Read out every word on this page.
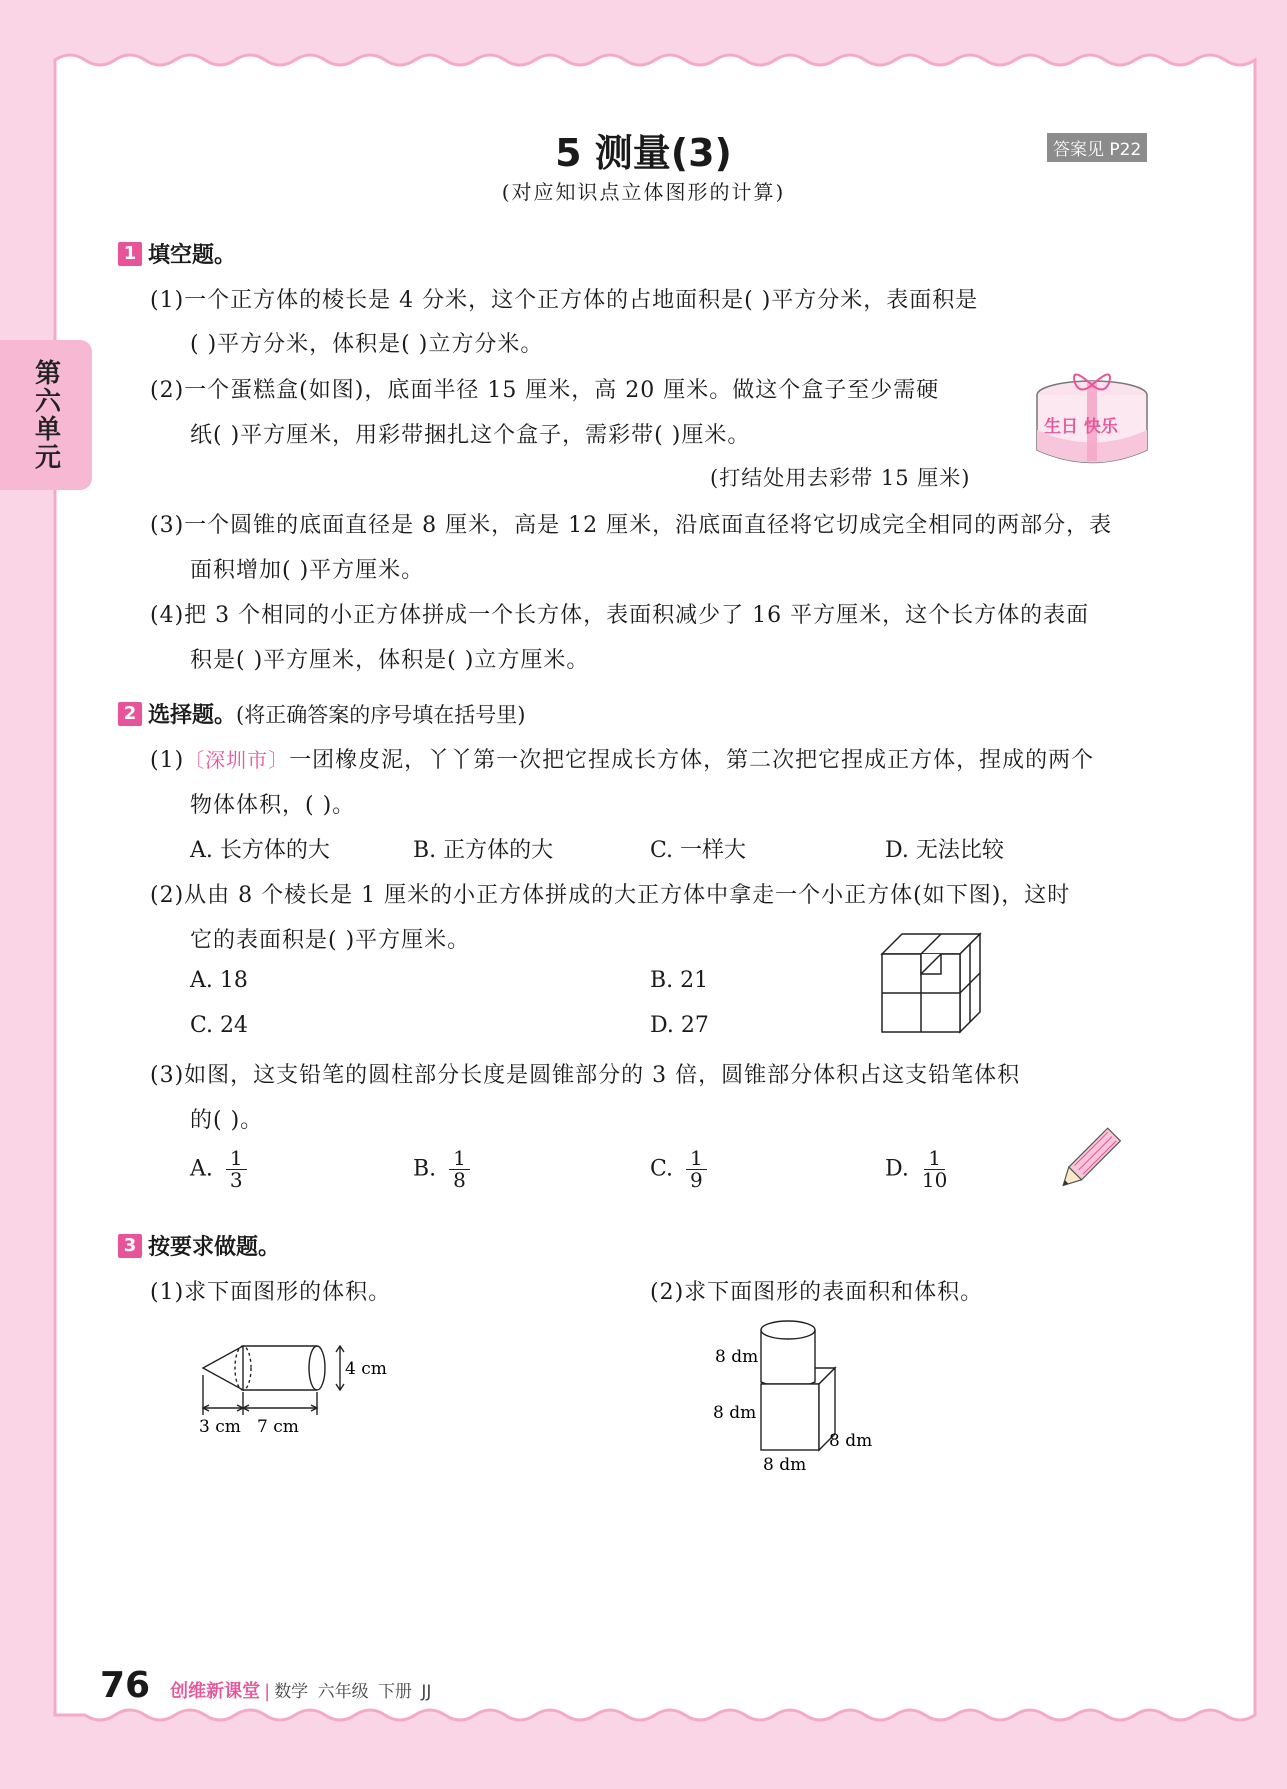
第六单元
5 测量(3)	答案见 P22
(对应知识点立体图形的计算)
1 填空题。
(1)一个正方体的棱长是 4 分米，这个正方体的占地面积是( )平方分米，表面积是
( )平方分米，体积是( )立方分米。
(2)一个蛋糕盒(如图)，底面半径 15 厘米，高 20 厘米。做这个盒子至少需硬
纸( )平方厘米，用彩带捆扎这个盒子，需彩带( )厘米。
(打结处用去彩带 15 厘米)
(3)一个圆锥的底面直径是 8 厘米，高是 12 厘米，沿底面直径将它切成完全相同的两部分，表
面积增加( )平方厘米。
(4)把 3 个相同的小正方体拼成一个长方体，表面积减少了 16 平方厘米，这个长方体的表面
积是( )平方厘米，体积是( )立方厘米。
生日 快乐
2 选择题。 (将正确答案的序号填在括号里)
(1)〔深圳市〕一团橡皮泥，丫丫第一次把它捏成长方体，第二次把它捏成正方体，捏成的两个
物体体积，( )。
A. 长方体的大	B. 正方体的大	C. 一样大	D. 无法比较
(2)从由 8 个棱长是 1 厘米的小正方体拼成的大正方体中拿走一个小正方体(如下图)，这时
它的表面积是( )平方厘米。
A. 18	B. 21
C. 24	D. 27
(3)如图，这支铅笔的圆柱部分长度是圆锥部分的 3 倍，圆锥部分体积占这支铅笔体积
的( )。
A. $\frac{1}{3}$	B. $\frac{1}{8}$	C. $\frac{1}{9}$	D. $\frac{1}{10}$
3 按要求做题。
(1)求下面图形的体积。	(2)求下面图形的表面积和体积。
4 cm
3 cm 7 cm
8 dm
8 dm
8 dm
8 dm
76 创维新课堂 | 数学 六年级 下册 JJ
